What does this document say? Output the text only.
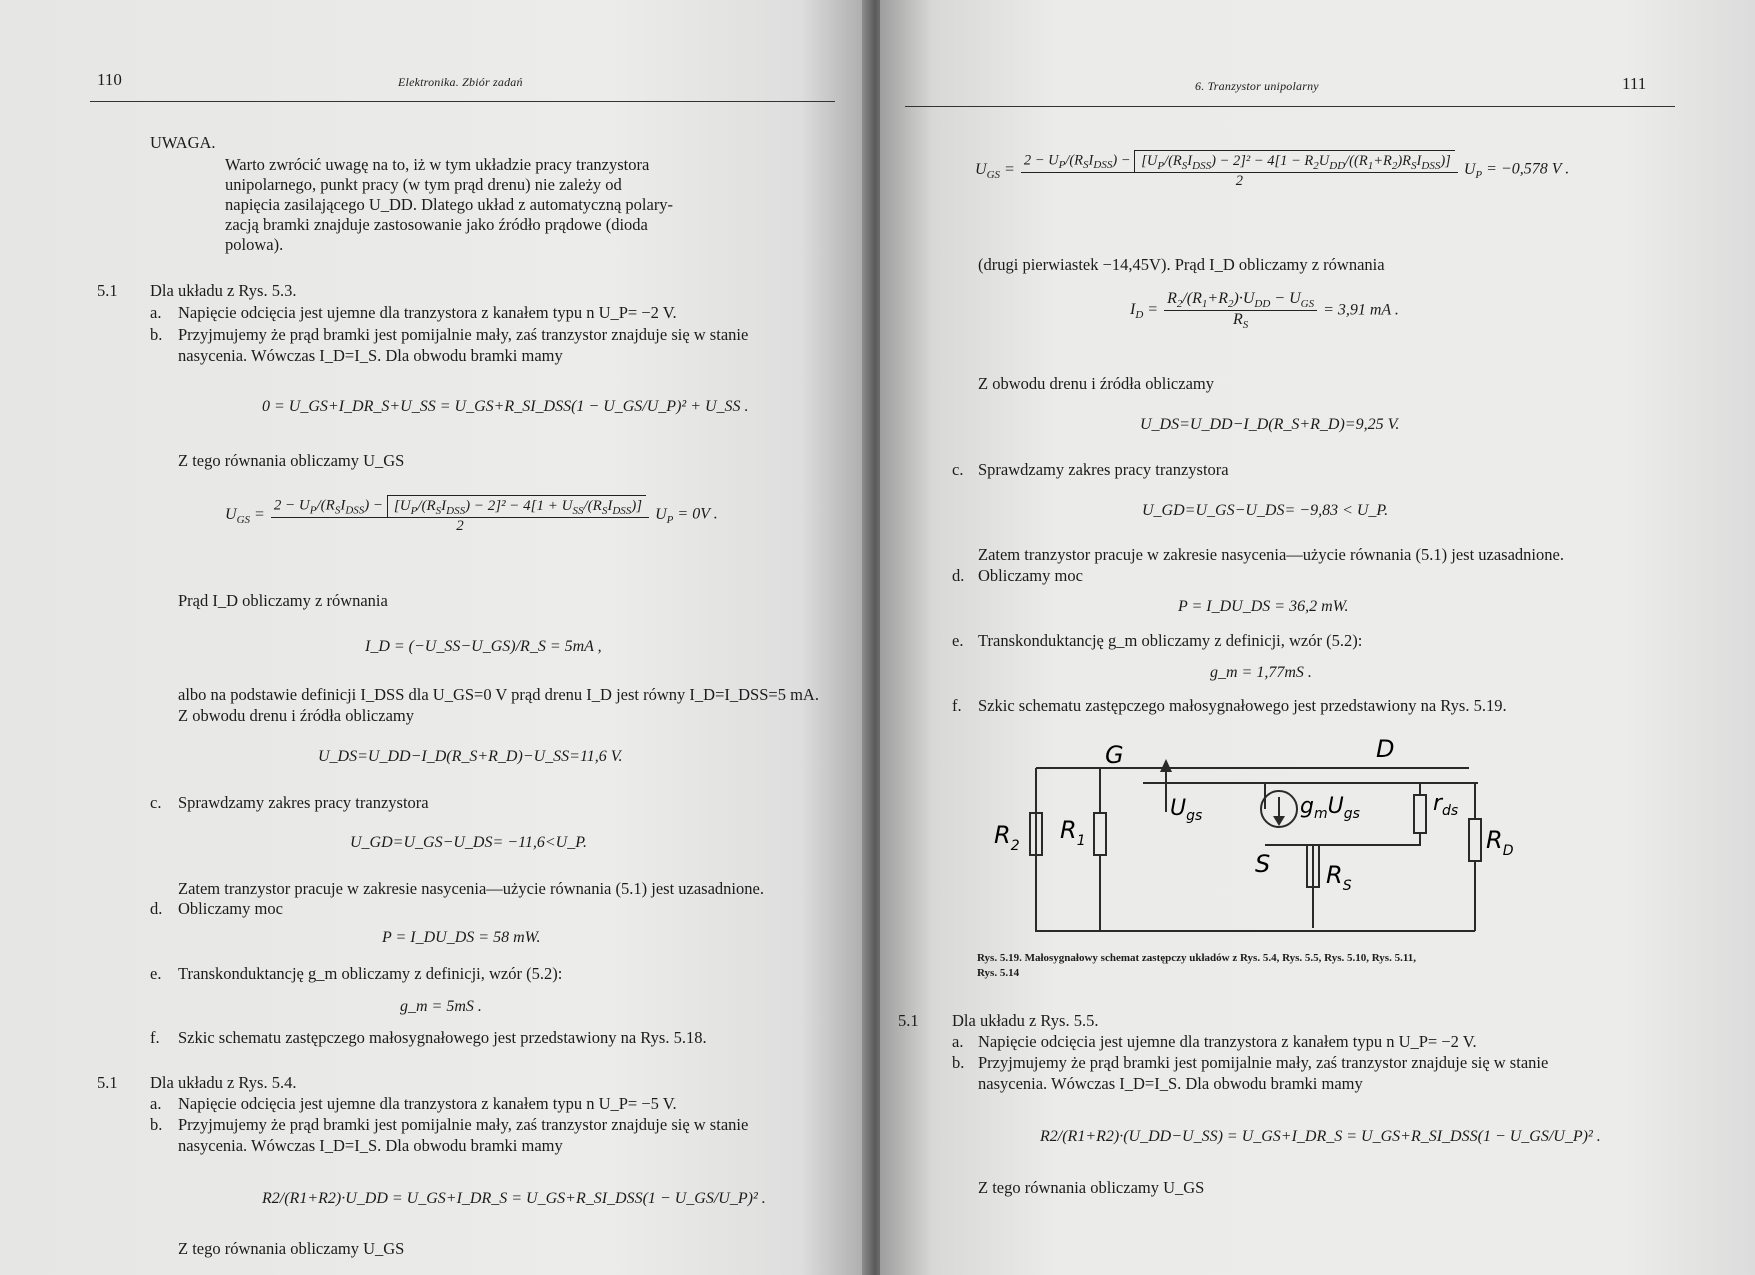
110	Elektronika. Zbiór zadań
UWAGA.
Warto zwrócić uwagę na to, iż w tym układzie pracy tranzystora
unipolarnego, punkt pracy (w tym prąd drenu) nie zależy od
napięcia zasilającego U_DD. Dlatego układ z automatyczną polary-
zacją bramki znajduje zastosowanie jako źródło prądowe (dioda
polowa).
5.1 Dla układu z Rys. 5.3.
a. Napięcie odcięcia jest ujemne dla tranzystora z kanałem typu n U_P= −2 V.
b. Przyjmujemy że prąd bramki jest pomijalnie mały, zaś tranzystor znajduje się w stanie
nasycenia. Wówczas I_D=I_S. Dla obwodu bramki mamy
0 = U_GS+I_DR_S+U_SS = U_GS+R_SI_DSS(1 − U_GS/U_P)² + U_SS .
Z tego równania obliczamy U_GS
$U_{GS} = \frac{2 - U_P/(R_SI_{DSS}) - [U_P/(R_SI_{DSS}) - 2]^2 - 4[1 + U_{SS}/(R_SI_{DSS})]}{2} U_P = 0V$ .
Prąd I_D obliczamy z równania
I_D = (−U_SS−U_GS)/R_S = 5mA ,
albo na podstawie definicji I_DSS dla U_GS=0 V prąd drenu I_D jest równy I_D=I_DSS=5 mA.
Z obwodu drenu i źródła obliczamy
U_DS=U_DD−I_D(R_S+R_D)−U_SS=11,6 V.
c. Sprawdzamy zakres pracy tranzystora
U_GD=U_GS−U_DS= −11,6<U_P.
Zatem tranzystor pracuje w zakresie nasycenia—użycie równania (5.1) jest uzasadnione.
d. Obliczamy moc
P = I_DU_DS = 58 mW.
e. Transkonduktancję g_m obliczamy z definicji, wzór (5.2):
g_m = 5mS .
f. Szkic schematu zastępczego małosygnałowego jest przedstawiony na Rys. 5.18.
5.1 Dla układu z Rys. 5.4.
a. Napięcie odcięcia jest ujemne dla tranzystora z kanałem typu n U_P= −5 V.
b. Przyjmujemy że prąd bramki jest pomijalnie mały, zaś tranzystor znajduje się w stanie
nasycenia. Wówczas I_D=I_S. Dla obwodu bramki mamy
R2/(R1+R2)·U_DD = U_GS+I_DR_S = U_GS+R_SI_DSS(1 − U_GS/U_P)² .
Z tego równania obliczamy U_GS
6. Tranzystor unipolarny	111
$U_{GS}$ =
$2 - U_P/(R_SI_{DSS}) - [U_P/(R_SI_{DSS}) - 2]^2 - 4[1 - R_2U_{DD}/((R_1+R_2)R_SI_{DSS})]$
2
$U_P = -0,578$ V .
(drugi pierwiastek −14,45V). Prąd I_D obliczamy z równania
$I_D = \frac{R_2/(R_1+R_2)\cdot U_{DD} - U_{GS}}{R_S} = 3,91$ mA .
Z obwodu drenu i źródła obliczamy
U_DS=U_DD−I_D(R_S+R_D)=9,25 V.
c. Sprawdzamy zakres pracy tranzystora
U_GD=U_GS−U_DS= −9,83 < U_P.
Zatem tranzystor pracuje w zakresie nasycenia—użycie równania (5.1) jest uzasadnione.
d. Obliczamy moc
P = I_DU_DS = 36,2 mW.
e. Transkonduktancję g_m obliczamy z definicji, wzór (5.2):
g_m = 1,77mS .
f. Szkic schematu zastępczego małosygnałowego jest przedstawiony na Rys. 5.19.
G	D
S
$R_2$
$R_1$
$U_{gs}$	$g_mU_{gs}$	$r_{ds}$
$R_D$
$R_S$
Rys. 5.19. Małosygnałowy schemat zastępczy układów z Rys. 5.4, Rys. 5.5, Rys. 5.10, Rys. 5.11,
Rys. 5.14
5.1 Dla układu z Rys. 5.5.
a. Napięcie odcięcia jest ujemne dla tranzystora z kanałem typu n U_P= −2 V.
b. Przyjmujemy że prąd bramki jest pomijalnie mały, zaś tranzystor znajduje się w stanie
nasycenia. Wówczas I_D=I_S. Dla obwodu bramki mamy
R2/(R1+R2)·(U_DD−U_SS) = U_GS+I_DR_S = U_GS+R_SI_DSS(1 − U_GS/U_P)² .
Z tego równania obliczamy U_GS
